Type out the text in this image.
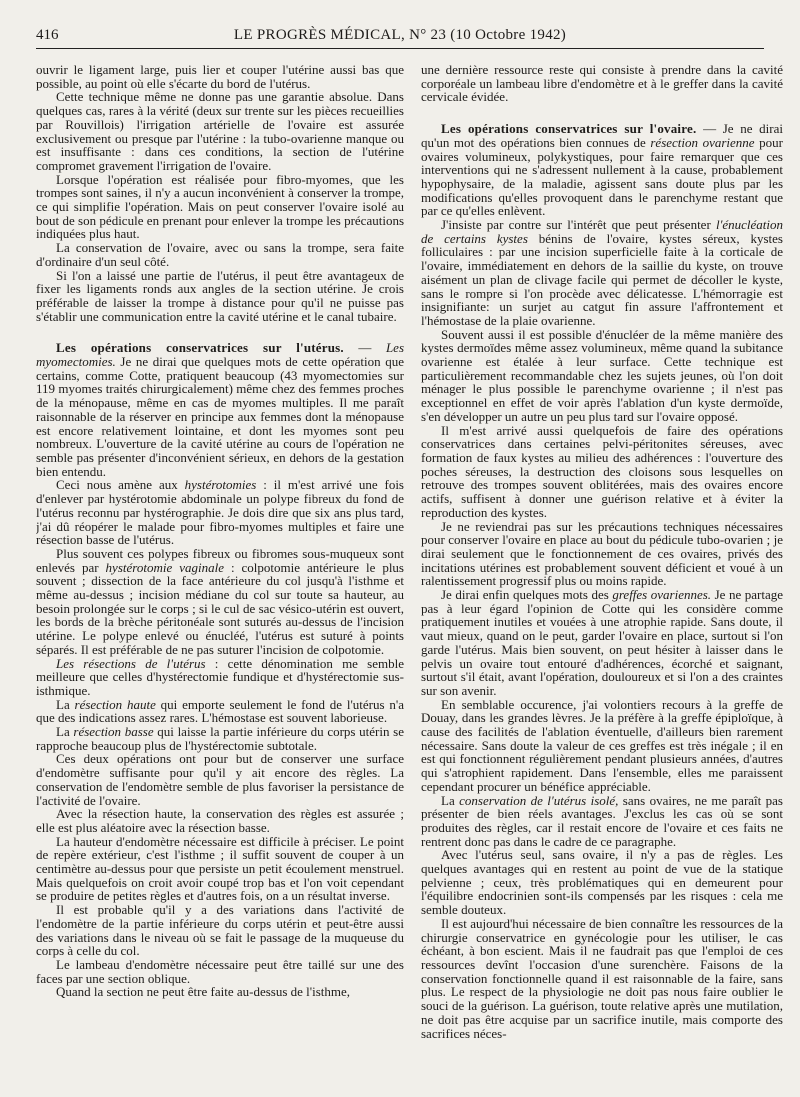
416	LE PROGRÈS MÉDICAL, N° 23 (10 Octobre 1942)

ouvrir le ligament large, puis lier et couper l'utérine aussi bas que possible, au point où elle s'écarte du bord de l'utérus.

Cette technique même ne donne pas une garantie absolue. Dans quelques cas, rares à la vérité (deux sur trente sur les pièces recueillies par Rouvillois) l'irrigation artérielle de l'ovaire est assurée exclusivement ou presque par l'utérine : la tubo-ovarienne manque ou est insuffisante : dans ces conditions, la section de l'utérine compromet gravement l'irrigation de l'ovaire.

Lorsque l'opération est réalisée pour fibro-myomes, que les trompes sont saines, il n'y a aucun inconvénient à conserver la trompe, ce qui simplifie l'opération. Mais on peut conserver l'ovaire isolé au bout de son pédicule en prenant pour enlever la trompe les précautions indiquées plus haut.

La conservation de l'ovaire, avec ou sans la trompe, sera faite d'ordinaire d'un seul côté.

Si l'on a laissé une partie de l'utérus, il peut être avantageux de fixer les ligaments ronds aux angles de la section utérine. Je crois préférable de laisser la trompe à distance pour qu'il ne puisse pas s'établir une communication entre la cavité utérine et le canal tubaire.

Les opérations conservatrices sur l'utérus. — Les myomectomies. Je ne dirai que quelques mots de cette opération que certains, comme Cotte, pratiquent beaucoup (43 myomectomies sur 119 myomes traités chirurgicalement) même chez des femmes proches de la ménopause, même en cas de myomes multiples. Il me paraît raisonnable de la réserver en principe aux femmes dont la ménopause est encore relativement lointaine, et dont les myomes sont peu nombreux. L'ouverture de la cavité utérine au cours de l'opération ne semble pas présenter d'inconvénient sérieux, en dehors de la gestation bien entendu.

Ceci nous amène aux hystérotomies : il m'est arrivé une fois d'enlever par hystérotomie abdominale un polype fibreux du fond de l'utérus reconnu par hystérographie. Je dois dire que six ans plus tard, j'ai dû réopérer le malade pour fibro-myomes multiples et faire une résection basse de l'utérus.

Plus souvent ces polypes fibreux ou fibromes sous-muqueux sont enlevés par hystérotomie vaginale : colpotomie antérieure le plus souvent ; dissection de la face antérieure du col jusqu'à l'isthme et même au-dessus ; incision médiane du col sur toute sa hauteur, au besoin prolongée sur le corps ; si le cul de sac vésico-utérin est ouvert, les bords de la brèche péritonéale sont suturés au-dessus de l'incision utérine. Le polype enlevé ou énucléé, l'utérus est suturé à points séparés. Il est préférable de ne pas suturer l'incision de colpotomie.

Les résections de l'utérus : cette dénomination me semble meilleure que celles d'hystérectomie fundique et d'hystérectomie sus-isthmique.

La résection haute qui emporte seulement le fond de l'utérus n'a que des indications assez rares. L'hémostase est souvent laborieuse.

La résection basse qui laisse la partie inférieure du corps utérin se rapproche beaucoup plus de l'hystérectomie subtotale.

Ces deux opérations ont pour but de conserver une surface d'endomètre suffisante pour qu'il y ait encore des règles. La conservation de l'endomètre semble de plus favoriser la persistance de l'activité de l'ovaire.

Avec la résection haute, la conservation des règles est assurée ; elle est plus aléatoire avec la résection basse.

La hauteur d'endomètre nécessaire est difficile à préciser. Le point de repère extérieur, c'est l'isthme ; il suffit souvent de couper à un centimètre au-dessus pour que persiste un petit écoulement menstruel. Mais quelquefois on croit avoir coupé trop bas et l'on voit cependant se produire de petites règles et d'autres fois, on a un résultat inverse.

Il est probable qu'il y a des variations dans l'activité de l'endomètre de la partie inférieure du corps utérin et peut-être aussi des variations dans le niveau où se fait le passage de la muqueuse du corps à celle du col.

Le lambeau d'endomètre nécessaire peut être taillé sur une des faces par une section oblique.

Quand la section ne peut être faite au-dessus de l'isthme,

une dernière ressource reste qui consiste à prendre dans la cavité corporéale un lambeau libre d'endomètre et à le greffer dans la cavité cervicale évidée.

Les opérations conservatrices sur l'ovaire. — Je ne dirai qu'un mot des opérations bien connues de résection ovarienne pour ovaires volumineux, polykystiques, pour faire remarquer que ces interventions qui ne s'adressent nullement à la cause, probablement hypophysaire, de la maladie, agissent sans doute plus par les modifications qu'elles provoquent dans le parenchyme restant que par ce qu'elles enlèvent.

J'insiste par contre sur l'intérêt que peut présenter l'énucléation de certains kystes bénins de l'ovaire, kystes séreux, kystes folliculaires : par une incision superficielle faite à la corticale de l'ovaire, immédiatement en dehors de la saillie du kyste, on trouve aisément un plan de clivage facile qui permet de décoller le kyste, sans le rompre si l'on procède avec délicatesse. L'hémorragie est insignifiante: un surjet au catgut fin assure l'affrontement et l'hémostase de la plaie ovarienne.

Souvent aussi il est possible d'énucléer de la même manière des kystes dermoïdes même assez volumineux, même quand la subitance ovarienne est étalée à leur surface. Cette technique est particulièrement recommandable chez les sujets jeunes, où l'on doit ménager le plus possible le parenchyme ovarienne ; il n'est pas exceptionnel en effet de voir après l'ablation d'un kyste dermoïde, s'en développer un autre un peu plus tard sur l'ovaire opposé.

Il m'est arrivé aussi quelquefois de faire des opérations conservatrices dans certaines pelvi-péritonites séreuses, avec formation de faux kystes au milieu des adhérences : l'ouverture des poches séreuses, la destruction des cloisons sous lesquelles on retrouve des trompes souvent oblitérées, mais des ovaires encore actifs, suffisent à donner une guérison relative et à éviter la reproduction des kystes.

Je ne reviendrai pas sur les précautions techniques nécessaires pour conserver l'ovaire en place au bout du pédicule tubo-ovarien ; je dirai seulement que le fonctionnement de ces ovaires, privés des incitations utérines est probablement souvent déficient et voué à un ralentissement progressif plus ou moins rapide.

Je dirai enfin quelques mots des greffes ovariennes. Je ne partage pas à leur égard l'opinion de Cotte qui les considère comme pratiquement inutiles et vouées à une atrophie rapide. Sans doute, il vaut mieux, quand on le peut, garder l'ovaire en place, surtout si l'on garde l'utérus. Mais bien souvent, on peut hésiter à laisser dans le pelvis un ovaire tout entouré d'adhérences, écorché et saignant, surtout s'il était, avant l'opération, douloureux et si l'on a des craintes sur son avenir.

En semblable occurence, j'ai volontiers recours à la greffe de Douay, dans les grandes lèvres. Je la préfère à la greffe épiploïque, à cause des facilités de l'ablation éventuelle, d'ailleurs bien rarement nécessaire. Sans doute la valeur de ces greffes est très inégale ; il en est qui fonctionnent régulièrement pendant plusieurs années, d'autres qui s'atrophient rapidement. Dans l'ensemble, elles me paraissent cependant procurer un bénéfice appréciable.

La conservation de l'utérus isolé, sans ovaires, ne me paraît pas présenter de bien réels avantages. J'exclus les cas où se sont produites des règles, car il restait encore de l'ovaire et ces faits ne rentrent donc pas dans le cadre de ce paragraphe.

Avec l'utérus seul, sans ovaire, il n'y a pas de règles. Les quelques avantages qui en restent au point de vue de la statique pelvienne ; ceux, très problématiques qui en demeurent pour l'équilibre endocrinien sont-ils compensés par les risques : cela me semble douteux.

Il est aujourd'hui nécessaire de bien connaître les ressources de la chirurgie conservatrice en gynécologie pour les utiliser, le cas échéant, à bon escient. Mais il ne faudrait pas que l'emploi de ces ressources devînt l'occasion d'une surenchère. Faisons de la conservation fonctionnelle quand il est raisonnable de la faire, sans plus. Le respect de la physiologie ne doit pas nous faire oublier le souci de la guérison. La guérison, toute relative après une mutilation, ne doit pas être acquise par un sacrifice inutile, mais comporte des sacrifices néces-
